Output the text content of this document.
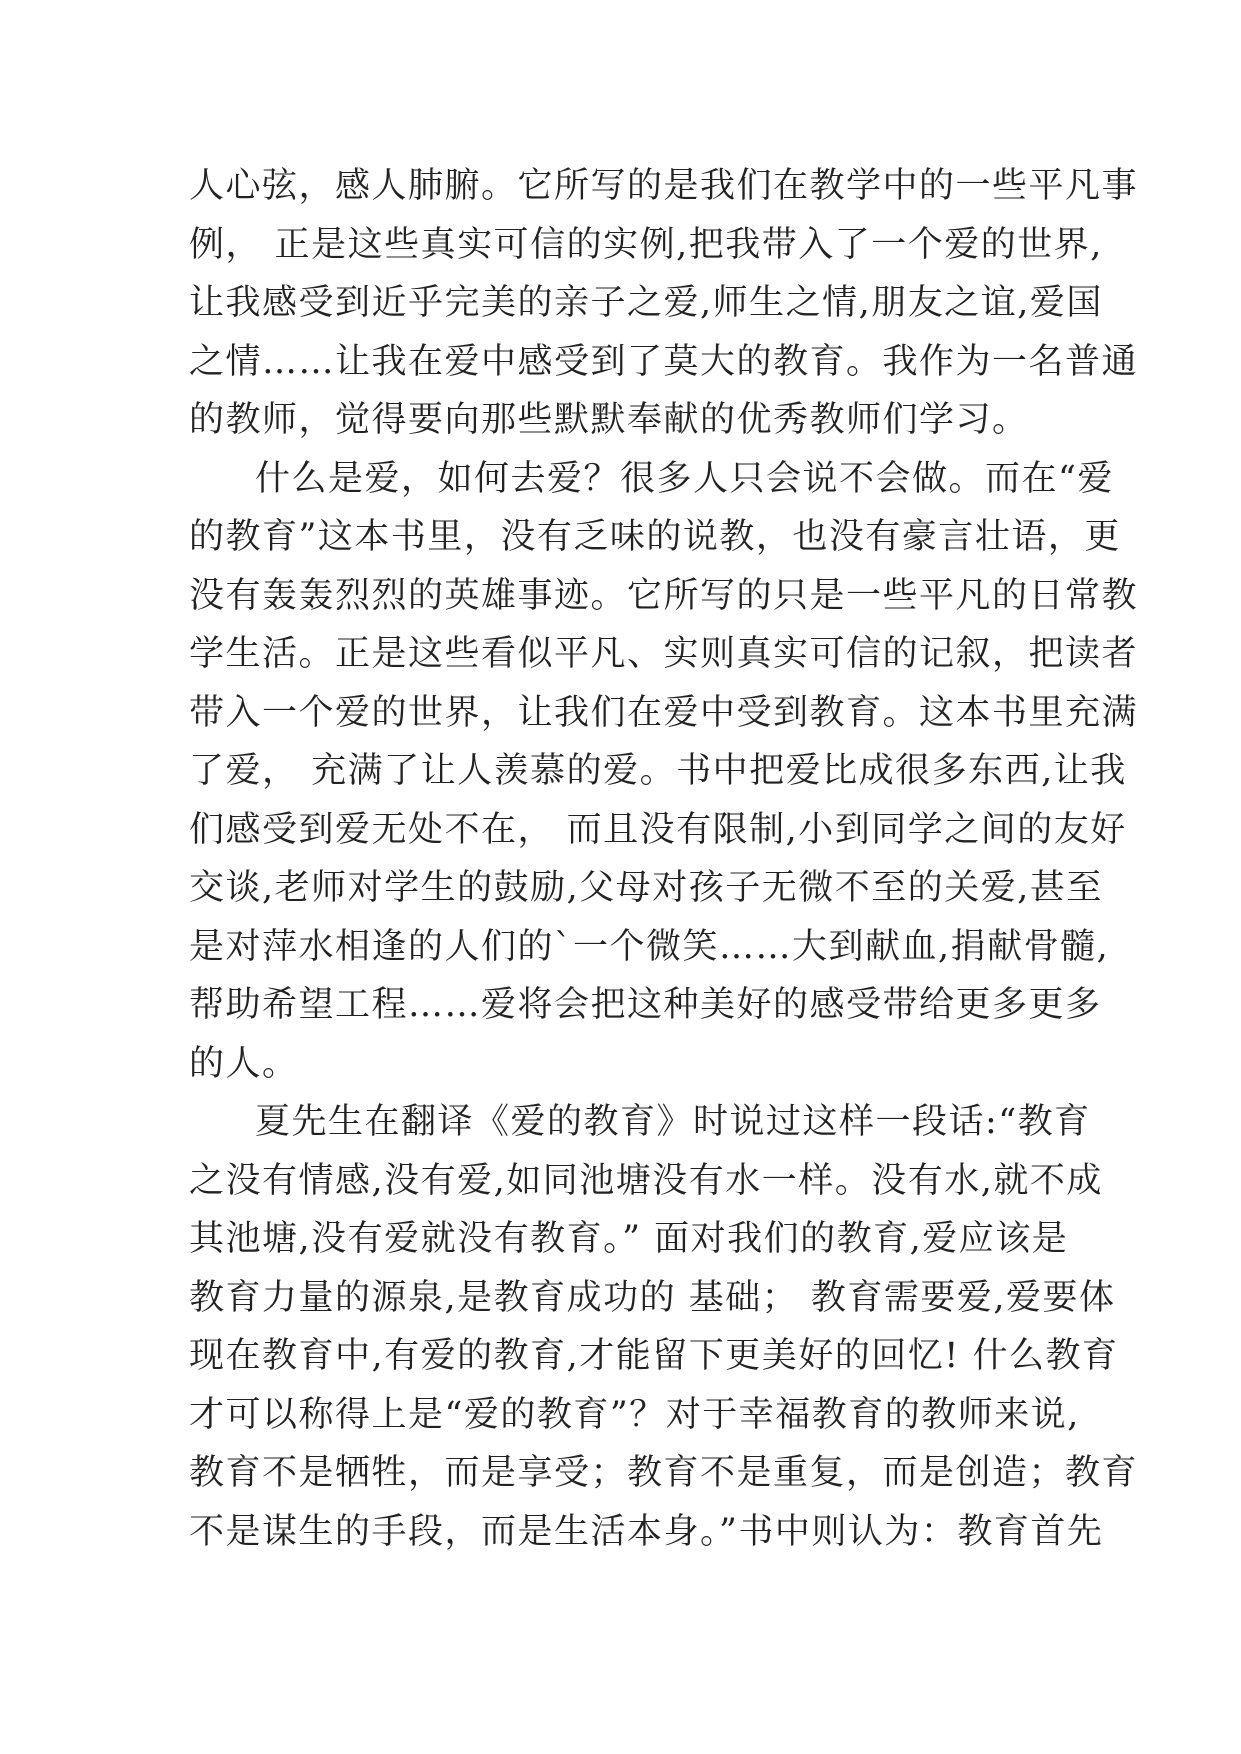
人心弦，感人肺腑。它所写的是我们在教学中的一些平凡事
例， 正是这些真实可信的实例,把我带入了一个爱的世界,
让我感受到近乎完美的亲子之爱,师生之情,朋友之谊,爱国
之情……让我在爱中感受到了莫大的教育。我作为一名普通
的教师，觉得要向那些默默奉献的优秀教师们学习。
什么是爱，如何去爱？很多人只会说不会做。而在“爱
的教育”这本书里，没有乏味的说教，也没有豪言壮语，更
没有轰轰烈烈的英雄事迹。它所写的只是一些平凡的日常教
学生活。正是这些看似平凡、实则真实可信的记叙，把读者
带入一个爱的世界，让我们在爱中受到教育。这本书里充满
了爱， 充满了让人羡慕的爱。书中把爱比成很多东西,让我
们感受到爱无处不在， 而且没有限制,小到同学之间的友好
交谈,老师对学生的鼓励,父母对孩子无微不至的关爱,甚至
是对萍水相逢的人们的`一个微笑……大到献血,捐献骨髓,
帮助希望工程……爱将会把这种美好的感受带给更多更多
的人。
夏先生在翻译《爱的教育》时说过这样一段话:“教育
之没有情感,没有爱,如同池塘没有水一样。没有水,就不成
其池塘,没有爱就没有教育。” 面对我们的教育,爱应该是
教育力量的源泉,是教育成功的 基础； 教育需要爱,爱要体
现在教育中,有爱的教育,才能留下更美好的回忆! 什么教育
才可以称得上是“爱的教育”？对于幸福教育的教师来说,
教育不是牺牲，而是享受；教育不是重复，而是创造；教育
不是谋生的手段，而是生活本身。”书中则认为：教育首先
